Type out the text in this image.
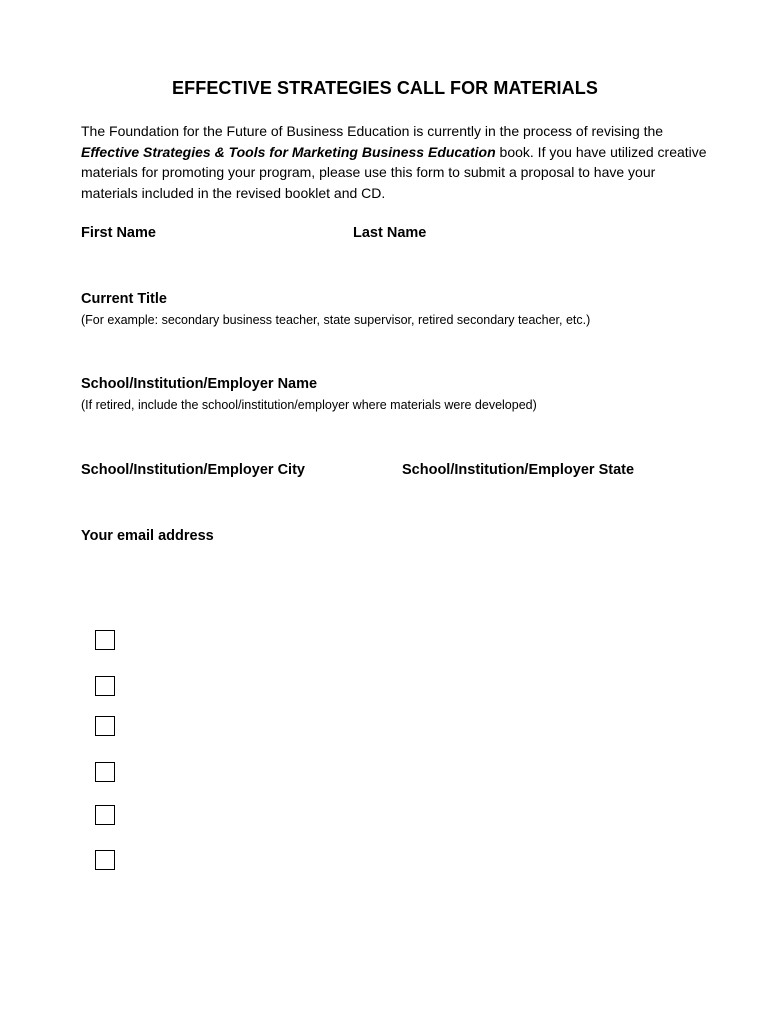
EFFECTIVE STRATEGIES CALL FOR MATERIALS
The Foundation for the Future of Business Education is currently in the process of revising the Effective Strategies & Tools for Marketing Business Education book. If you have utilized creative materials for promoting your program, please use this form to submit a proposal to have your materials included in the revised booklet and CD.
First Name	Last Name
Current Title
(For example: secondary business teacher, state supervisor, retired secondary teacher, etc.)
School/Institution/Employer Name
(If retired, include the school/institution/employer where materials were developed)
School/Institution/Employer City	School/Institution/Employer State
Your email address
